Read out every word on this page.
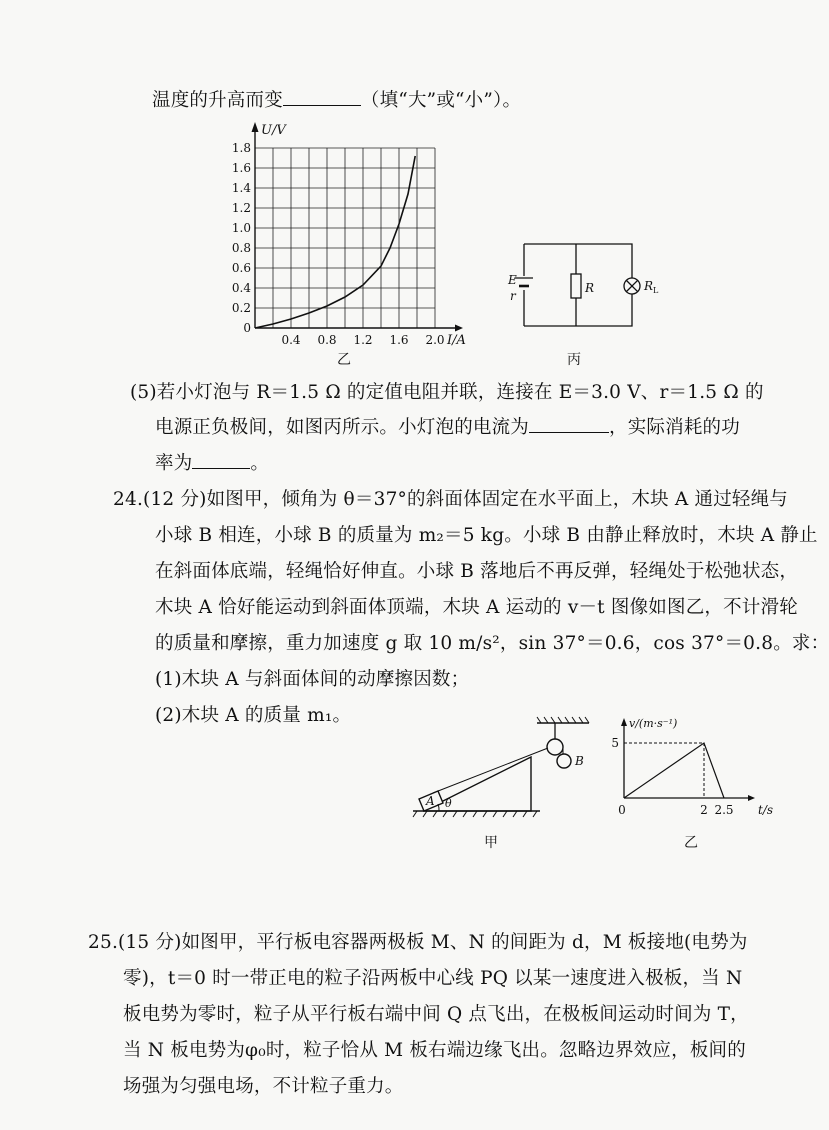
温度的升高而变	（填“大”或“小”）。
0
0.2
0.4
0.6
0.8
1.0
1.2
1.4
1.6
1.8
0.4 0.8 1.2 1.6 2.0
U/V
I/A
乙
E
r
R	$R_L$
丙
(5)若小灯泡与 R＝1.5 Ω 的定值电阻并联，连接在 E＝3.0 V、r＝1.5 Ω 的
电源正负极间，如图丙所示。小灯泡的电流为	，实际消耗的功
率为	。
24.(12 分)如图甲，倾角为 θ＝37°的斜面体固定在水平面上，木块 A 通过轻绳与
小球 B 相连，小球 B 的质量为 m₂＝5 kg。小球 B 由静止释放时，木块 A 静止
在斜面体底端，轻绳恰好伸直。小球 B 落地后不再反弹，轻绳处于松弛状态，
木块 A 恰好能运动到斜面体顶端，木块 A 运动的 v－t 图像如图乙，不计滑轮
的质量和摩擦，重力加速度 g 取 10 m/s²，sin 37°＝0.6，cos 37°＝0.8。求：
(1)木块 A 与斜面体间的动摩擦因数；
(2)木块 A 的质量 m₁。
B
A θ
甲
0	2 2.5
5
v/(m·s⁻¹)
t/s
乙
25.(15 分)如图甲，平行板电容器两极板 M、N 的间距为 d，M 板接地(电势为
零)，t＝0 时一带正电的粒子沿两板中心线 PQ 以某一速度进入极板，当 N
板电势为零时，粒子从平行板右端中间 Q 点飞出，在极板间运动时间为 T，
当 N 板电势为φ₀时，粒子恰从 M 板右端边缘飞出。忽略边界效应，板间的
场强为匀强电场，不计粒子重力。
